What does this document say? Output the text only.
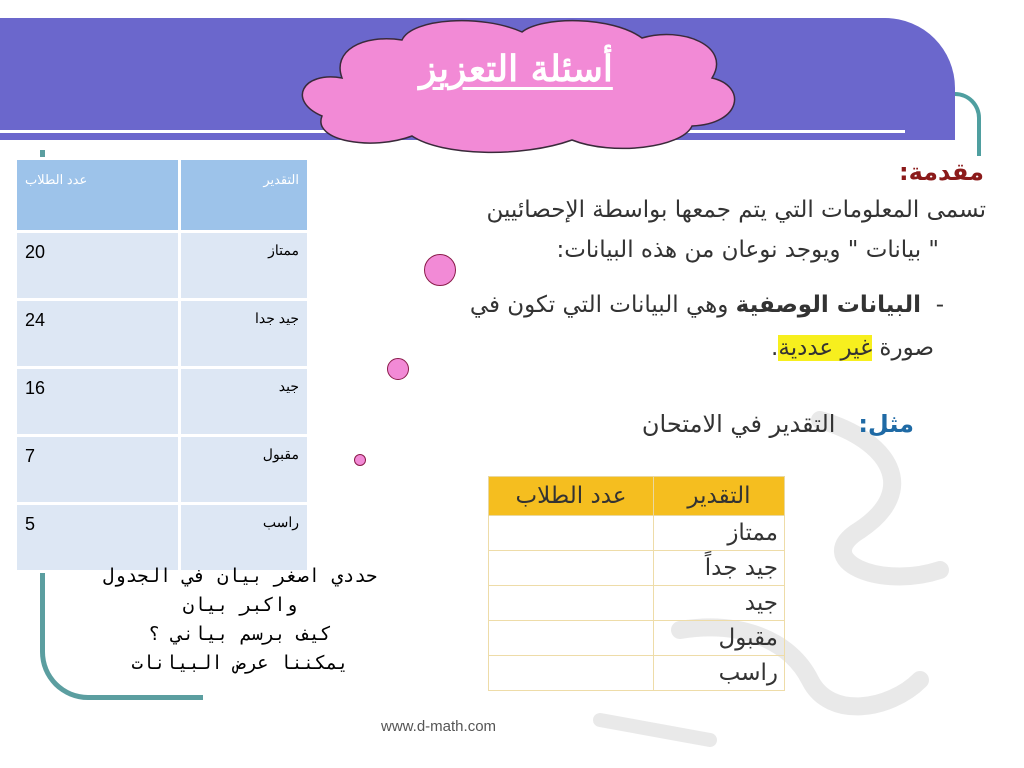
أسئلة التعزيز
التقدير	عدد الطلاب
ممتاز	20
جيد جدا	24
جيد	16
مقبول	7
راسب	5
مقدمة:
تسمى المعلومات التي يتم جمعها بواسطة الإحصائيين
" بيانات " ويوجد نوعان من هذه البيانات:
-  البيانات الوصفية وهي البيانات التي تكون في
صورة غير عددية.
مثل:   التقدير في الامتحان
التقدير	عدد الطلاب
ممتاز	
جيد جداً	
جيد	
مقبول	
راسب	
حددي اصغر بيان في الجدول
واكبر بيان
كيف برسم بياني ؟
يمكننا عرض البيانات
www.d-math.com
